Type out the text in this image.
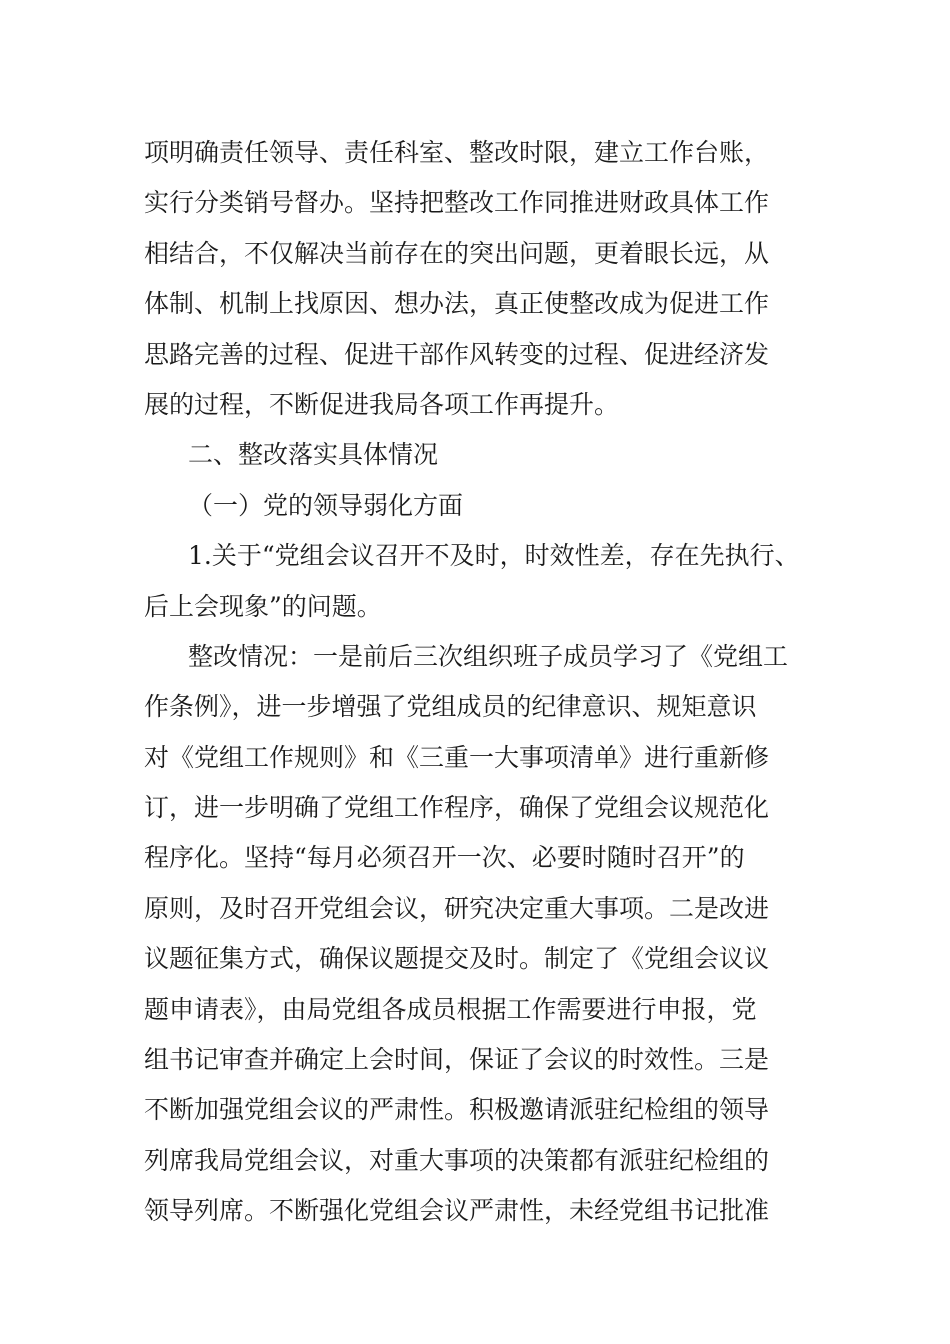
项明确责任领导、责任科室、整改时限，建立工作台账，
实行分类销号督办。坚持把整改工作同推进财政具体工作
相结合，不仅解决当前存在的突出问题，更着眼长远，从
体制、机制上找原因、想办法，真正使整改成为促进工作
思路完善的过程、促进干部作风转变的过程、促进经济发
展的过程，不断促进我局各项工作再提升。
二、整改落实具体情况
（一）党的领导弱化方面
1.关于“党组会议召开不及时，时效性差，存在先执行、
后上会现象”的问题。
整改情况：一是前后三次组织班子成员学习了《党组工
作条例》，进一步增强了党组成员的纪律意识、规矩意识
对《党组工作规则》和《三重一大事项清单》进行重新修
订，进一步明确了党组工作程序，确保了党组会议规范化
程序化。坚持“每月必须召开一次、必要时随时召开”的
原则，及时召开党组会议，研究决定重大事项。二是改进
议题征集方式，确保议题提交及时。制定了《党组会议议
题申请表》，由局党组各成员根据工作需要进行申报，党
组书记审查并确定上会时间，保证了会议的时效性。三是
不断加强党组会议的严肃性。积极邀请派驻纪检组的领导
列席我局党组会议，对重大事项的决策都有派驻纪检组的
领导列席。不断强化党组会议严肃性，未经党组书记批准
